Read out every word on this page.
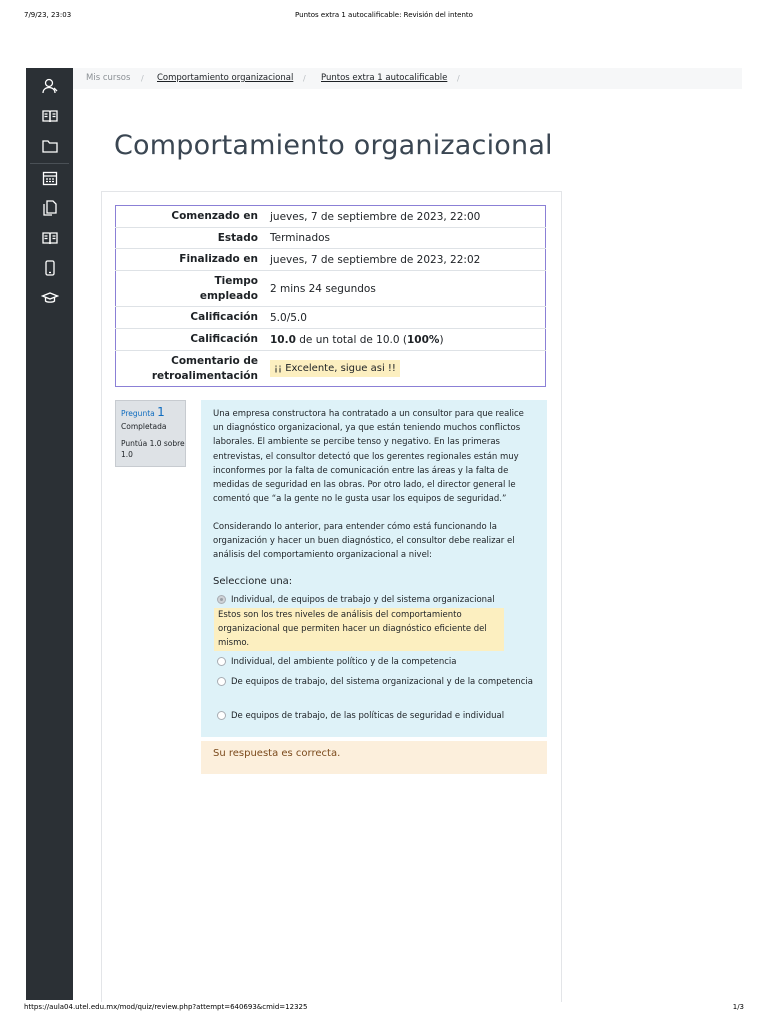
7/9/23, 23:03	Puntos extra 1 autocalificable: Revisión del intento
Mis cursos / Comportamiento organizacional / Puntos extra 1 autocalificable /
Comportamiento organizacional
Comenzado en	jueves, 7 de septiembre de 2023, 22:00
Estado	Terminados
Finalizado en	jueves, 7 de septiembre de 2023, 22:02
Tiempo empleado	2 mins 24 segundos
Calificación	5.0/5.0
Calificación	10.0 de un total de 10.0 (100%)
Comentario de retroalimentación	¡¡ Excelente, sigue asi !!
Pregunta 1
Completada
Puntúa 1.0 sobre 1.0

Una empresa constructora ha contratado a un consultor para que realice un diagnóstico organizacional, ya que están teniendo muchos conflictos laborales. El ambiente se percibe tenso y negativo. En las primeras entrevistas, el consultor detectó que los gerentes regionales están muy inconformes por la falta de comunicación entre las áreas y la falta de medidas de seguridad en las obras. Por otro lado, el director general le comentó que “a la gente no le gusta usar los equipos de seguridad.”

Considerando lo anterior, para entender cómo está funcionando la organización y hacer un buen diagnóstico, el consultor debe realizar el análisis del comportamiento organizacional a nivel:

Seleccione una:
Individual, de equipos de trabajo y del sistema organizacional
Estos son los tres niveles de análisis del comportamiento organizacional que permiten hacer un diagnóstico eficiente del mismo.
Individual, del ambiente político y de la competencia
De equipos de trabajo, del sistema organizacional y de la competencia
De equipos de trabajo, de las políticas de seguridad e individual
Su respuesta es correcta.
https://aula04.utel.edu.mx/mod/quiz/review.php?attempt=640693&cmid=12325	1/3
